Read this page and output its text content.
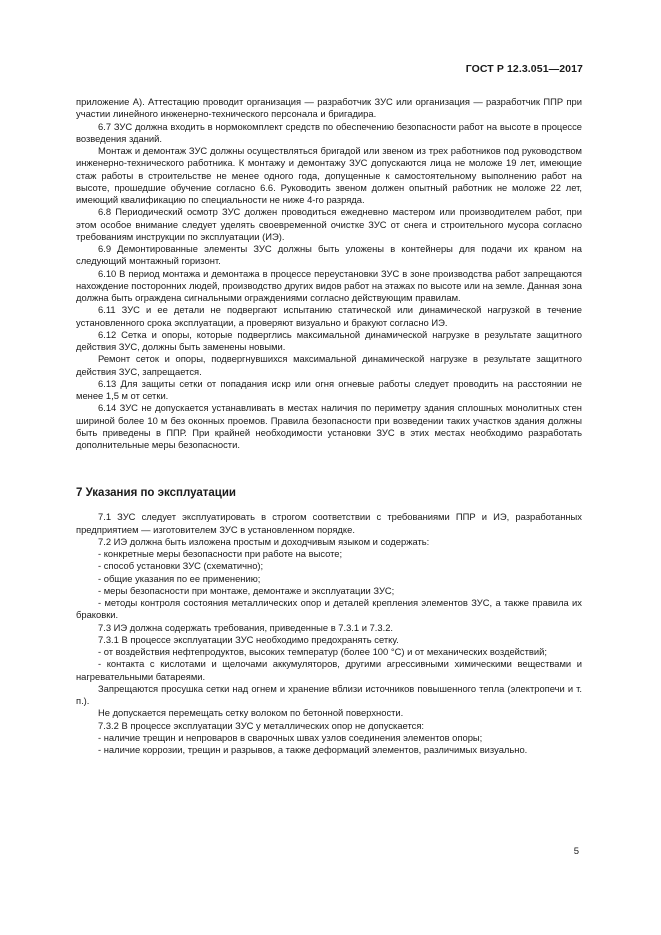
ГОСТ Р 12.3.051—2017

приложение А). Аттестацию проводит организация — разработчик ЗУС или организация — разработчик ППР при участии линейного инженерно-технического персонала и бригадира.

6.7 ЗУС должна входить в нормокомплект средств по обеспечению безопасности работ на высоте в процессе возведения зданий.

Монтаж и демонтаж ЗУС должны осуществляться бригадой или звеном из трех работников под руководством инженерно-технического работника. К монтажу и демонтажу ЗУС допускаются лица не моложе 19 лет, имеющие стаж работы в строительстве не менее одного года, допущенные к самостоятельному выполнению работ на высоте, прошедшие обучение согласно 6.6. Руководить звеном должен опытный работник не моложе 22 лет, имеющий квалификацию по специальности не ниже 4-го разряда.

6.8 Периодический осмотр ЗУС должен проводиться ежедневно мастером или производителем работ, при этом особое внимание следует уделять своевременной очистке ЗУС от снега и строительного мусора согласно требованиям инструкции по эксплуатации (ИЭ).

6.9 Демонтированные элементы ЗУС должны быть уложены в контейнеры для подачи их краном на следующий монтажный горизонт.

6.10 В период монтажа и демонтажа в процессе переустановки ЗУС в зоне производства работ запрещаются нахождение посторонних людей, производство других видов работ на этажах по высоте или на земле. Данная зона должна быть ограждена сигнальными ограждениями согласно действующим правилам.

6.11 ЗУС и ее детали не подвергают испытанию статической или динамической нагрузкой в течение установленного срока эксплуатации, а проверяют визуально и бракуют согласно ИЭ.

6.12 Сетка и опоры, которые подверглись максимальной динамической нагрузке в результате защитного действия ЗУС, должны быть заменены новыми.

Ремонт сеток и опоры, подвергнувшихся максимальной динамической нагрузке в результате защитного действия ЗУС, запрещается.

6.13 Для защиты сетки от попадания искр или огня огневые работы следует проводить на расстоянии не менее 1,5 м от сетки.

6.14 ЗУС не допускается устанавливать в местах наличия по периметру здания сплошных монолитных стен шириной более 10 м без оконных проемов. Правила безопасности при возведении таких участков здания должны быть приведены в ППР. При крайней необходимости установки ЗУС в этих местах необходимо разработать дополнительные меры безопасности.

7 Указания по эксплуатации

7.1 ЗУС следует эксплуатировать в строгом соответствии с требованиями ППР и ИЭ, разработанных предприятием — изготовителем ЗУС в установленном порядке.

7.2 ИЭ должна быть изложена простым и доходчивым языком и содержать:

- конкретные меры безопасности при работе на высоте;

- способ установки ЗУС (схематично);

- общие указания по ее применению;

- меры безопасности при монтаже, демонтаже и эксплуатации ЗУС;

- методы контроля состояния металлических опор и деталей крепления элементов ЗУС, а также правила их браковки.

7.3 ИЭ должна содержать требования, приведенные в 7.3.1 и 7.3.2.

7.3.1 В процессе эксплуатации ЗУС необходимо предохранять сетку.

- от воздействия нефтепродуктов, высоких температур (более 100 °С) и от механических воздействий;

- контакта с кислотами и щелочами аккумуляторов, другими агрессивными химическими веществами и нагревательными батареями.

Запрещаются просушка сетки над огнем и хранение вблизи источников повышенного тепла (электропечи и т. п.).

Не допускается перемещать сетку волоком по бетонной поверхности.

7.3.2 В процессе эксплуатации ЗУС у металлических опор не допускается:

- наличие трещин и непроваров в сварочных швах узлов соединения элементов опоры;

- наличие коррозии, трещин и разрывов, а также деформаций элементов, различимых визуально.

5
